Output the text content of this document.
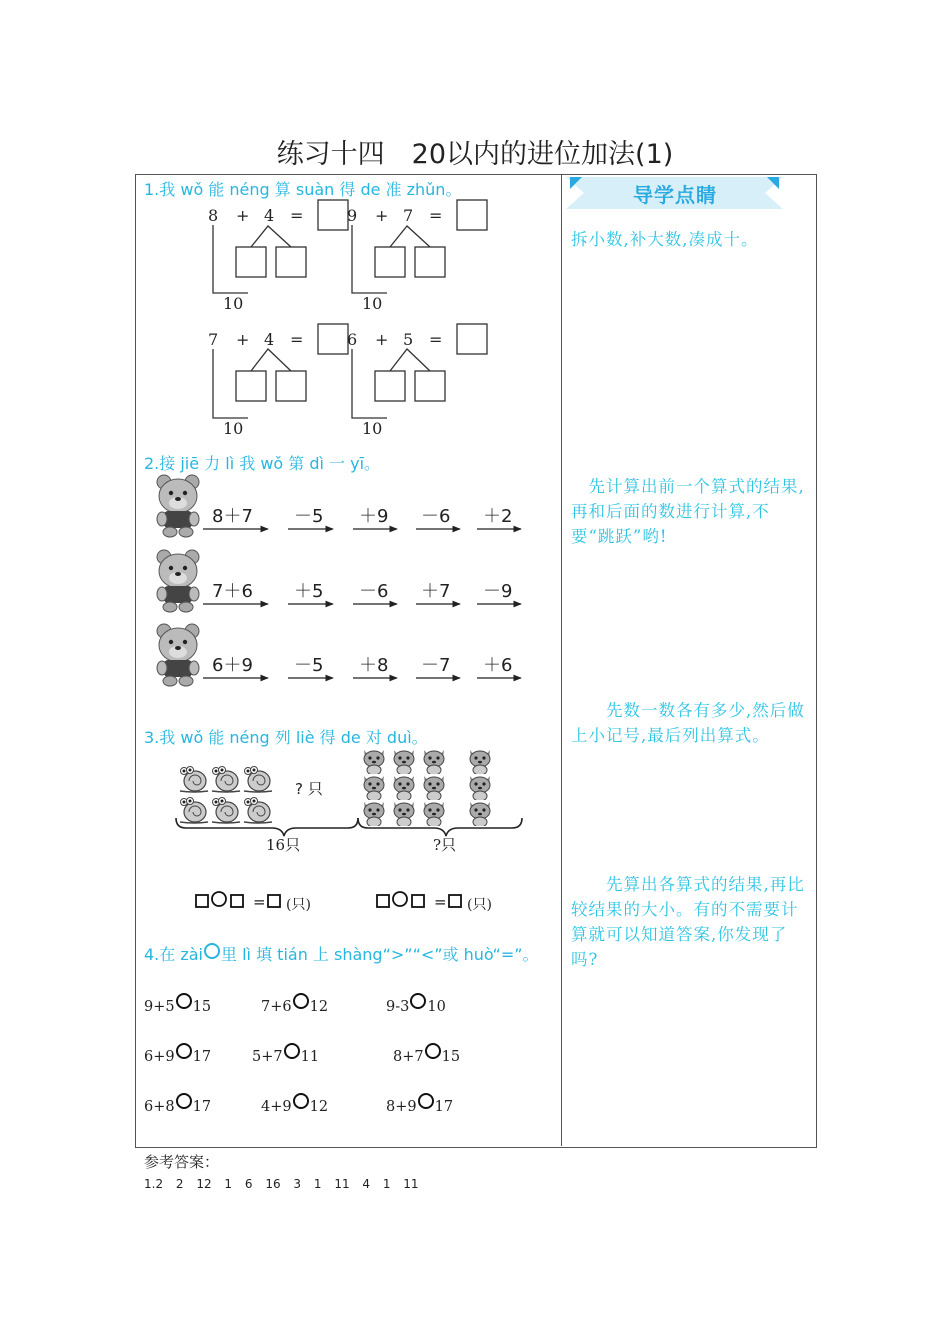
练习十四　20以内的进位加法(1)
导学点睛
拆小数,补大数,凑成十。
　先计算出前一个算式的结果,再和后面的数进行计算,不要“跳跃”哟!
　　先数一数各有多少,然后做上小记号,最后列出算式。
　　先算出各算式的结果,再比较结果的大小。有的不需要计算就可以知道答案,你发现了吗?
1.我 wǒ 能 néng 算 suàn 得 de 准 zhǔn。
8 + 4 =
10
9 + 7 =
10
7 + 4 =
10
6 + 5 =
10
2.接 jiē 力 lì 我 wǒ 第 dì 一 yī。
8＋7 －5 ＋9 －6 ＋2
7＋6 ＋5 －6 ＋7 －9
6＋9 －5 ＋8 －7 ＋6
3.我 wǒ 能 néng 列 liè 得 de 对 duì。
? 只
16只	?只
= (只)	= (只)
4.在 zài 里 lì 填 tián 上 shàng“>”“<”或 huò“=”。
9+5 15	7+6 12	9-3 10
6+9 17	5+7 11	8+7 15
6+8 17	4+9 12	8+9 17
参考答案：
1.2 2 12 1 6 16 3 1 11 4 1 11
